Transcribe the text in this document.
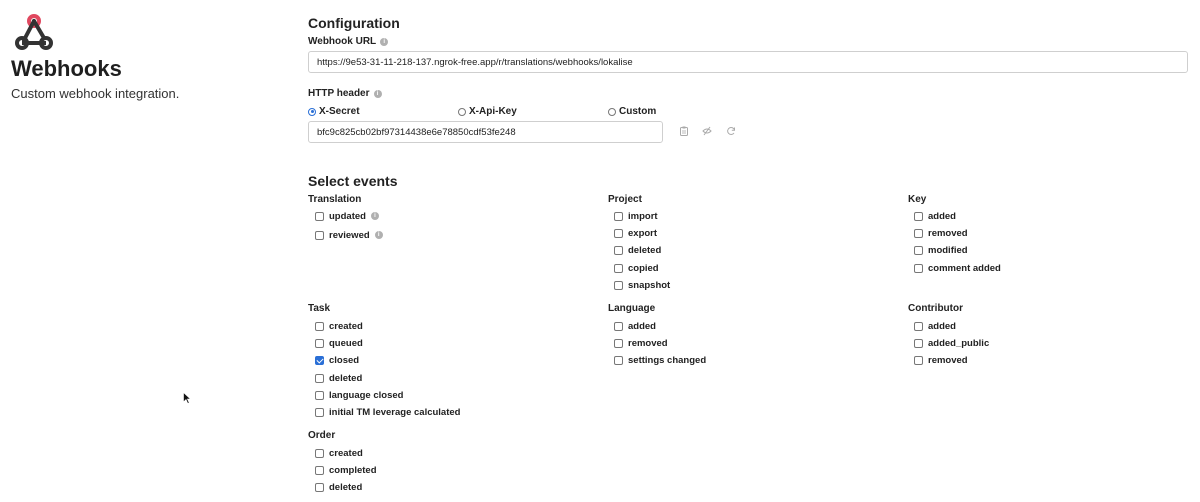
Webhooks
Custom webhook integration.
Configuration
Webhook URL	i
https://9e53-31-11-218-137.ngrok-free.app/r/translations/webhooks/lokalise
HTTP header	i
X-Secret	X-Api-Key	Custom
bfc9c825cb02bf97314438e6e78850cdf53fe248
Select events
Translation
updated	i
reviewed	i
Project
import
export
deleted
copied
snapshot
Key
added
removed
modified
comment added
Task
created
queued
closed
deleted
language closed
initial TM leverage calculated
Language
added
removed
settings changed
Contributor
added
added_public
removed
Order
created
completed
deleted
